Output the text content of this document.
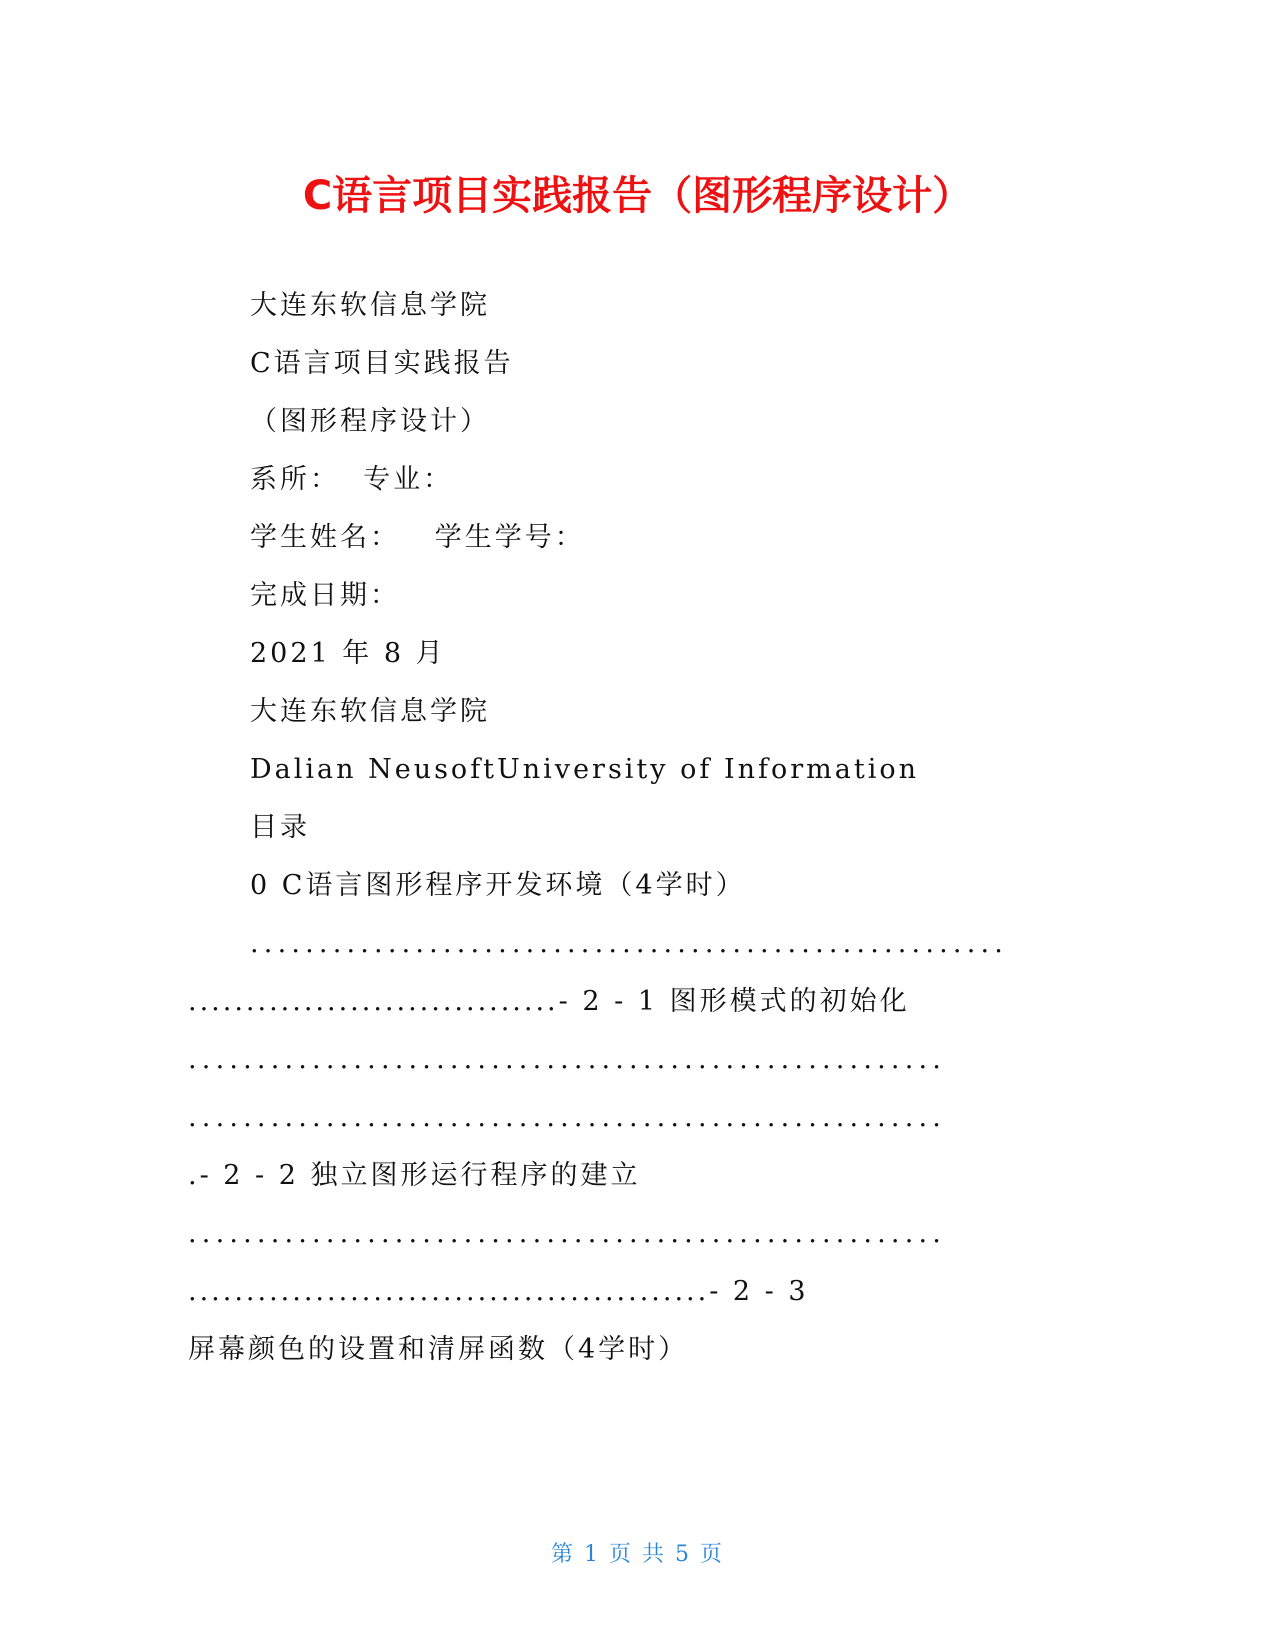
C语言项目实践报告（图形程序设计）
大连东软信息学院
C语言项目实践报告
（图形程序设计）
系所：  专业：
学生姓名：   学生学号：
完成日期：
2021 年 8 月
大连东软信息学院
Dalian NeusoftUniversity of Information
目录
0 C语言图形程序开发环境（4学时）
.......................................................
................................- 2 - 1 图形模式的初始化
.......................................................
.......................................................
.- 2 - 2 独立图形运行程序的建立
.......................................................
.............................................- 2 - 3
屏幕颜色的设置和清屏函数（4学时）
第 1 页 共 5 页
